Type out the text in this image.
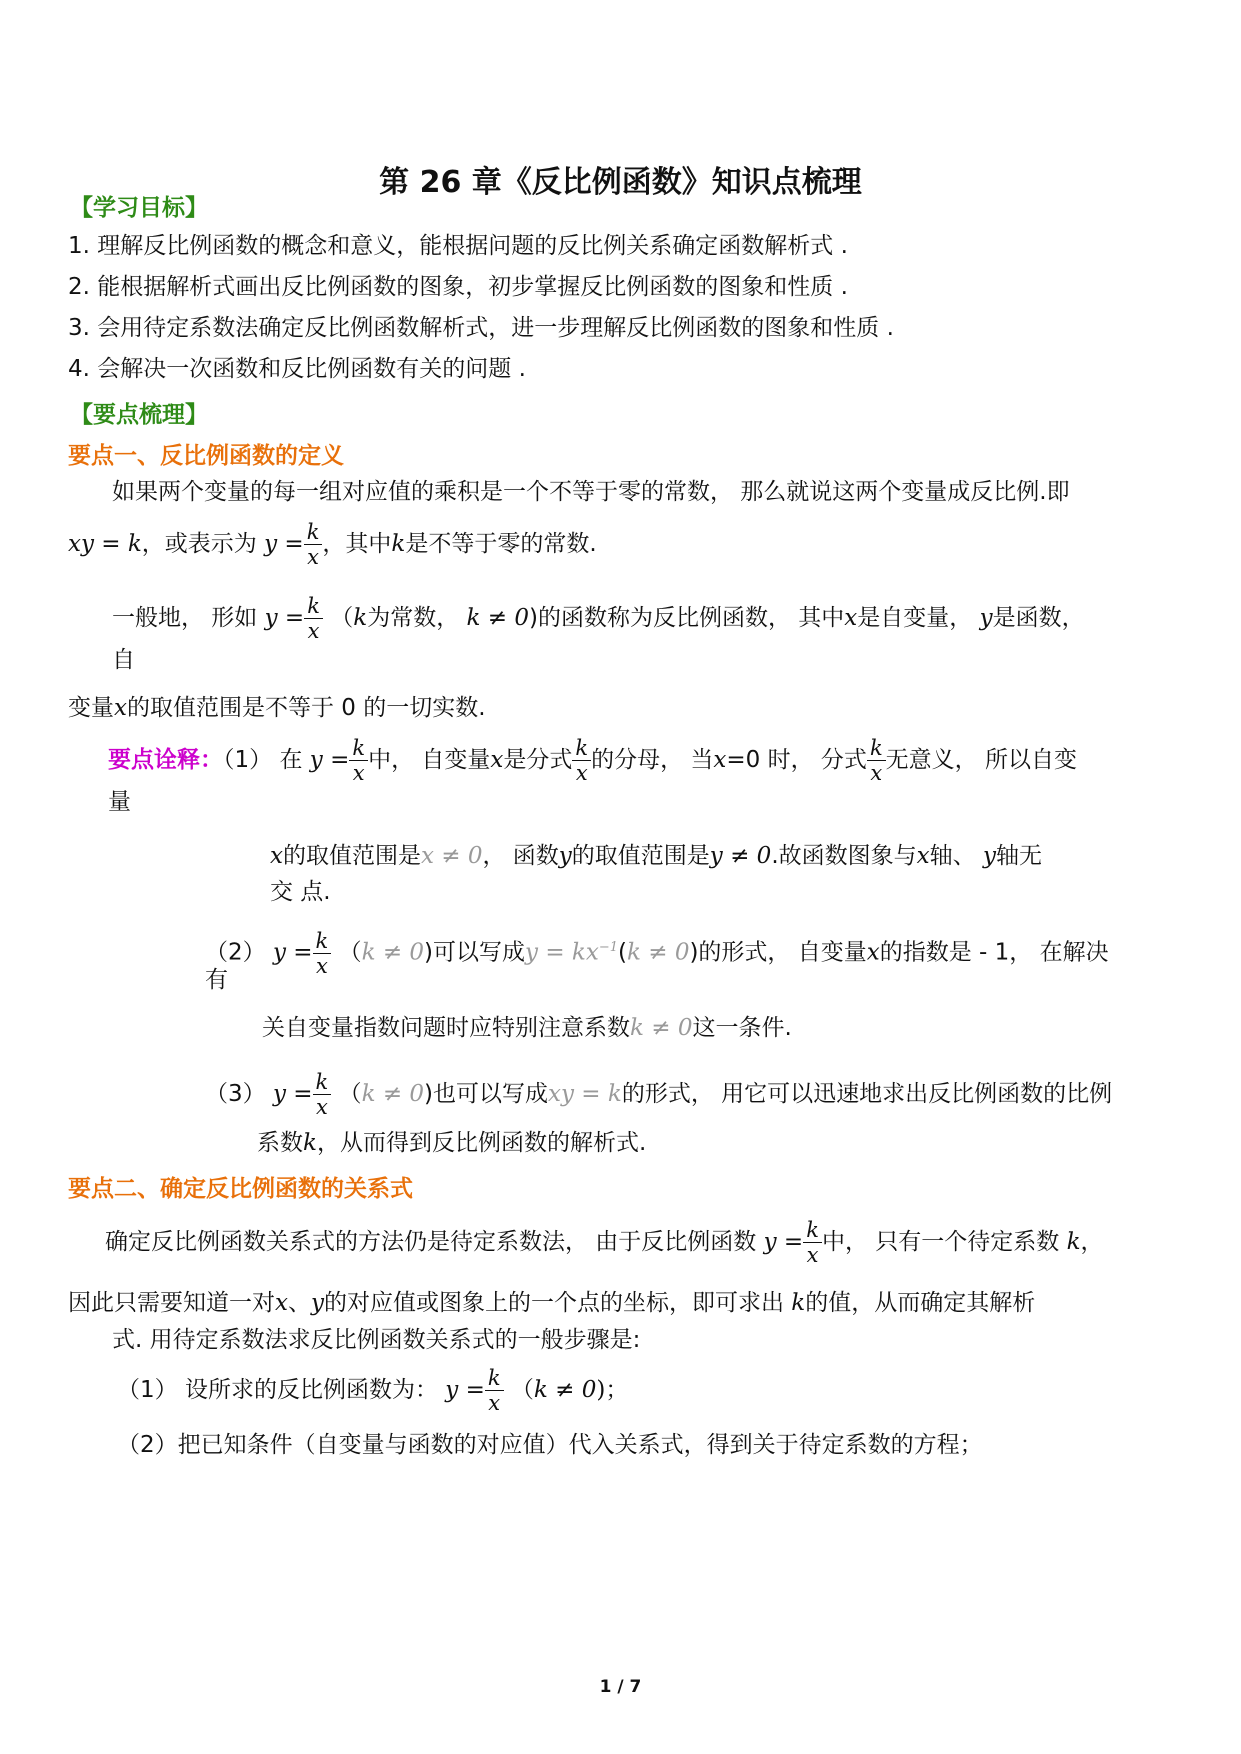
第 26 章《反比例函数》知识点梳理
【学习目标】
1. 理解反比例函数的概念和意义，能根据问题的反比例关系确定函数解析式 .
2. 能根据解析式画出反比例函数的图象，初步掌握反比例函数的图象和性质 .
3. 会用待定系数法确定反比例函数解析式，进一步理解反比例函数的图象和性质 .
4. 会解决一次函数和反比例函数有关的问题 .
【要点梳理】
要点一、反比例函数的定义
如果两个变量的每一组对应值的乘积是一个不等于零的常数， 那么就说这两个变量成反比例.即
xy = k，或表示为 $y = \frac{k}{x}$ ，其中k是不等于零的常数.
一般地， 形如 $y = \frac{k}{x} (k$为常数， k ≠ 0)的函数称为反比例函数， 其中x是自变量， y是函数，
自
变量x的取值范围是不等于 0 的一切实数.
要点诠释：（1） 在 $y = \frac{k}{x}$ 中， 自变量x是分式 $\frac{k}{x}$ 的分母， 当x=0 时， 分式 $\frac{k}{x}$ 无意义， 所以自变
量
x的取值范围是x ≠ 0， 函数y的取值范围是y ≠ 0.故函数图象与x轴、 y轴无
交 点.
（2） $y = \frac{k}{x} (k \ne 0)$可以写成$y = kx^{-1}(k \ne 0)$的形式， 自变量x的指数是 - 1， 在解决
有
关自变量指数问题时应特别注意系数k ≠ 0这一条件.
（3） $y = \frac{k}{x} (k \ne 0)$也可以写成xy = k的形式， 用它可以迅速地求出反比例函数的比例
系数k，从而得到反比例函数的解析式.
要点二、确定反比例函数的关系式
确定反比例函数关系式的方法仍是待定系数法， 由于反比例函数 $y = \frac{k}{x}$ 中， 只有一个待定系数 k，
因此只需要知道一对x、y的对应值或图象上的一个点的坐标，即可求出 k的值，从而确定其解析
式. 用待定系数法求反比例函数关系式的一般步骤是:
（1） 设所求的反比例函数为： $y = \frac{k}{x} (k \ne 0)$；
（2）把已知条件（自变量与函数的对应值）代入关系式，得到关于待定系数的方程；
1 / 7
